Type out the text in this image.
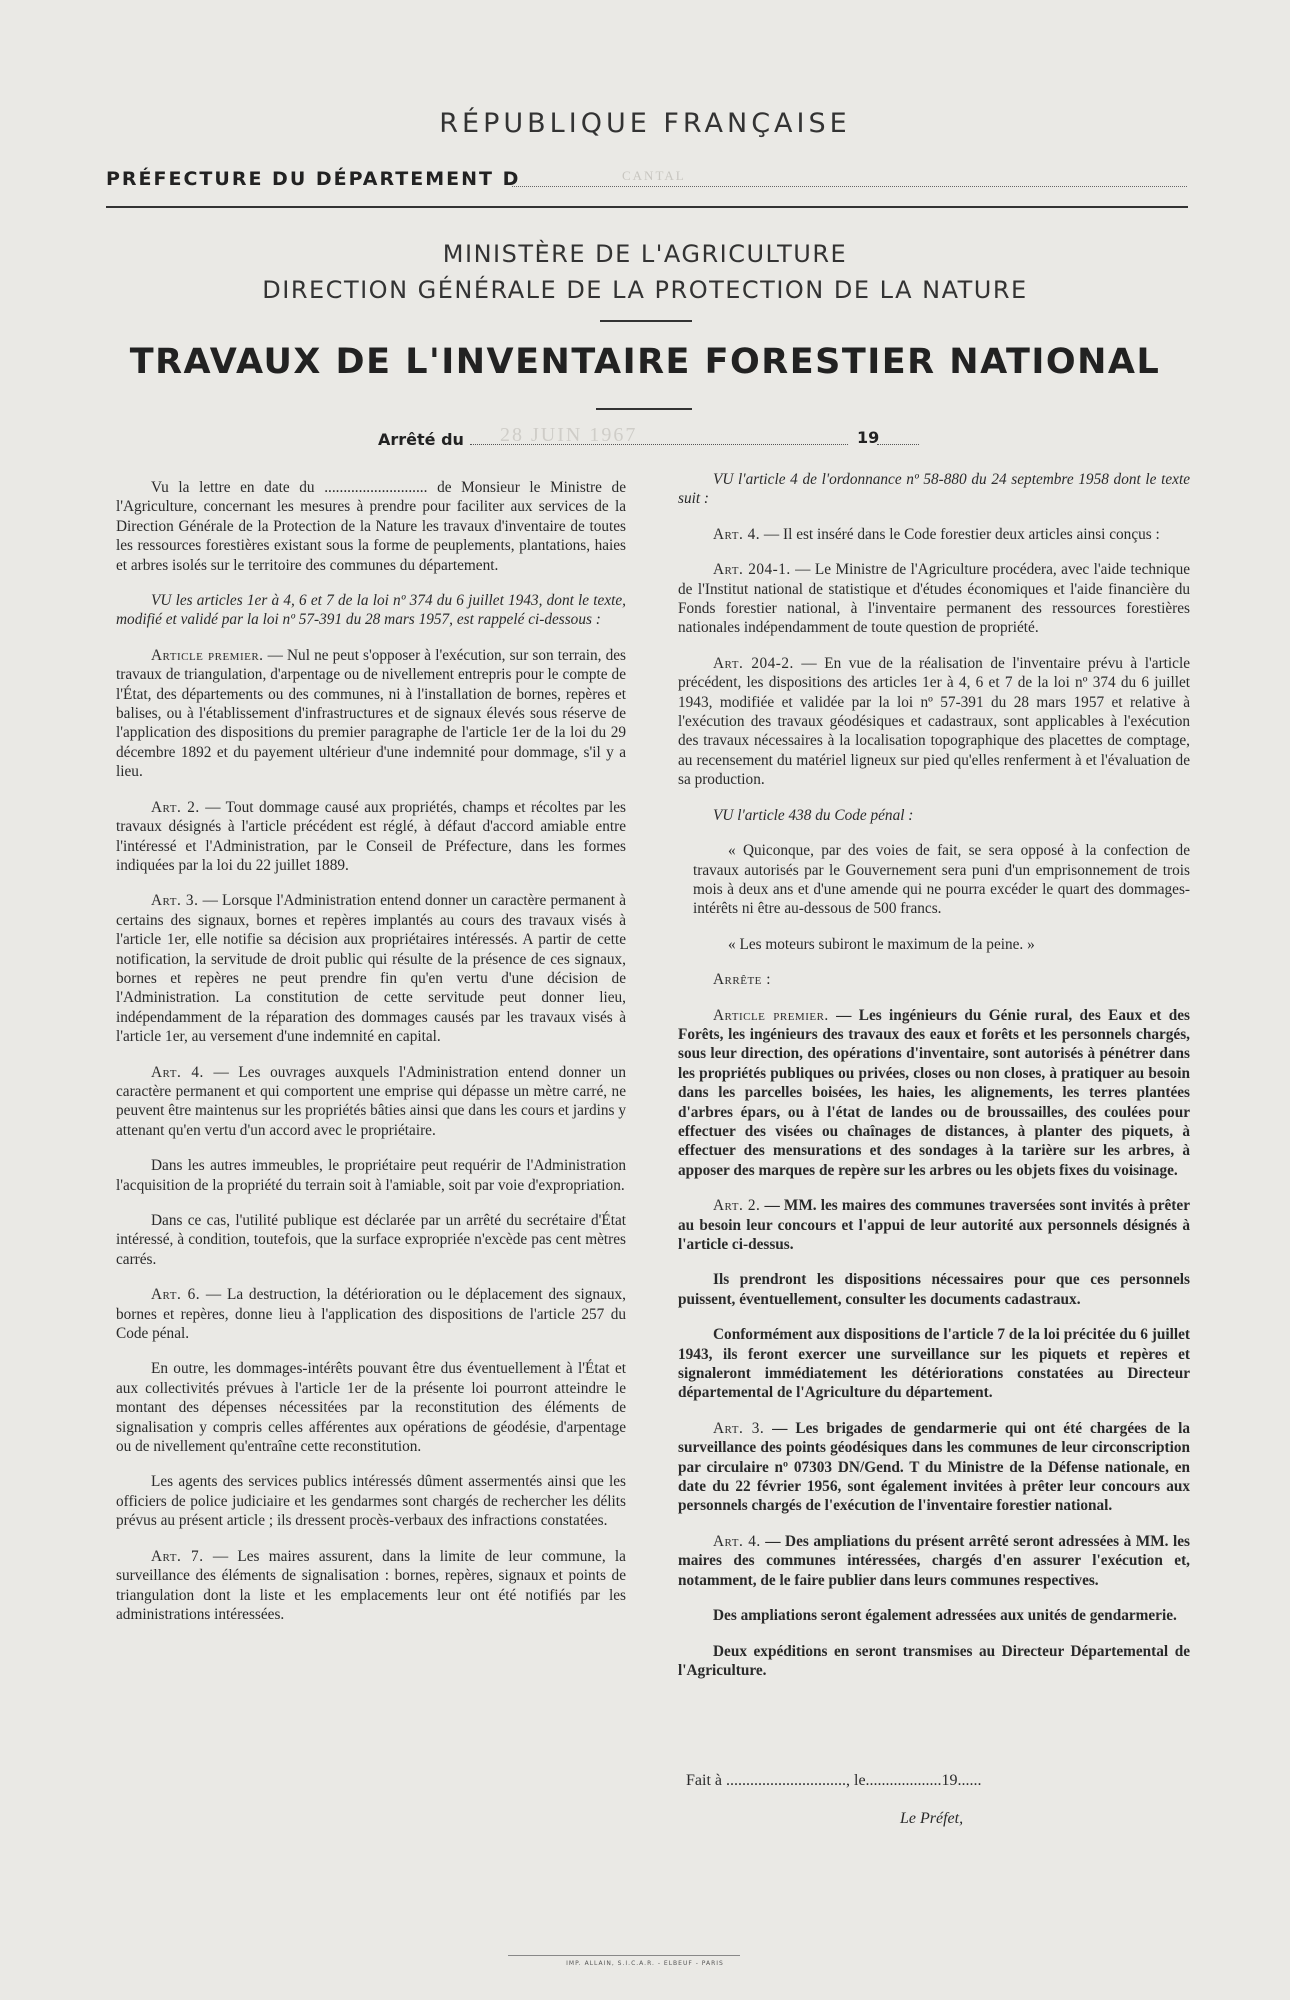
RÉPUBLIQUE FRANÇAISE
PRÉFECTURE DU DÉPARTEMENT D	CANTAL
MINISTÈRE DE L'AGRICULTURE
DIRECTION GÉNÉRALE DE LA PROTECTION DE LA NATURE
TRAVAUX DE L'INVENTAIRE FORESTIER NATIONAL
Arrêté du 28 JUIN 1967	19

Vu la lettre en date du ........................... de Monsieur le Ministre de l'Agriculture, concernant les mesures à prendre pour faciliter aux services de la Direction Générale de la Protection de la Nature les travaux d'inventaire de toutes les ressources forestières existant sous la forme de peuplements, plantations, haies et arbres isolés sur le territoire des communes du département.

VU les articles 1er à 4, 6 et 7 de la loi nº 374 du 6 juillet 1943, dont le texte, modifié et validé par la loi nº 57-391 du 28 mars 1957, est rappelé ci-dessous :

Article premier. — Nul ne peut s'opposer à l'exécution, sur son terrain, des travaux de triangulation, d'arpentage ou de nivellement entrepris pour le compte de l'État, des départements ou des communes, ni à l'installation de bornes, repères et balises, ou à l'établissement d'infrastructures et de signaux élevés sous réserve de l'application des dispositions du premier paragraphe de l'article 1er de la loi du 29 décembre 1892 et du payement ultérieur d'une indemnité pour dommage, s'il y a lieu.

Art. 2. — Tout dommage causé aux propriétés, champs et récoltes par les travaux désignés à l'article précédent est réglé, à défaut d'accord amiable entre l'intéressé et l'Administration, par le Conseil de Préfecture, dans les formes indiquées par la loi du 22 juillet 1889.

Art. 3. — Lorsque l'Administration entend donner un caractère permanent à certains des signaux, bornes et repères implantés au cours des travaux visés à l'article 1er, elle notifie sa décision aux propriétaires intéressés. A partir de cette notification, la servitude de droit public qui résulte de la présence de ces signaux, bornes et repères ne peut prendre fin qu'en vertu d'une décision de l'Administration. La constitution de cette servitude peut donner lieu, indépendamment de la réparation des dommages causés par les travaux visés à l'article 1er, au versement d'une indemnité en capital.

Art. 4. — Les ouvrages auxquels l'Administration entend donner un caractère permanent et qui comportent une emprise qui dépasse un mètre carré, ne peuvent être maintenus sur les propriétés bâties ainsi que dans les cours et jardins y attenant qu'en vertu d'un accord avec le propriétaire.

Dans les autres immeubles, le propriétaire peut requérir de l'Administration l'acquisition de la propriété du terrain soit à l'amiable, soit par voie d'expropriation.

Dans ce cas, l'utilité publique est déclarée par un arrêté du secrétaire d'État intéressé, à condition, toutefois, que la surface expropriée n'excède pas cent mètres carrés.

Art. 6. — La destruction, la détérioration ou le déplacement des signaux, bornes et repères, donne lieu à l'application des dispositions de l'article 257 du Code pénal.

En outre, les dommages-intérêts pouvant être dus éventuellement à l'État et aux collectivités prévues à l'article 1er de la présente loi pourront atteindre le montant des dépenses nécessitées par la reconstitution des éléments de signalisation y compris celles afférentes aux opérations de géodésie, d'arpentage ou de nivellement qu'entraîne cette reconstitution.

Les agents des services publics intéressés dûment assermentés ainsi que les officiers de police judiciaire et les gendarmes sont chargés de rechercher les délits prévus au présent article ; ils dressent procès-verbaux des infractions constatées.

Art. 7. — Les maires assurent, dans la limite de leur commune, la surveillance des éléments de signalisation : bornes, repères, signaux et points de triangulation dont la liste et les emplacements leur ont été notifiés par les administrations intéressées.

VU l'article 4 de l'ordonnance nº 58-880 du 24 septembre 1958 dont le texte suit :

Art. 4. — Il est inséré dans le Code forestier deux articles ainsi conçus :

Art. 204-1. — Le Ministre de l'Agriculture procédera, avec l'aide technique de l'Institut national de statistique et d'études économiques et l'aide financière du Fonds forestier national, à l'inventaire permanent des ressources forestières nationales indépendamment de toute question de propriété.

Art. 204-2. — En vue de la réalisation de l'inventaire prévu à l'article précédent, les dispositions des articles 1er à 4, 6 et 7 de la loi nº 374 du 6 juillet 1943, modifiée et validée par la loi nº 57-391 du 28 mars 1957 et relative à l'exécution des travaux géodésiques et cadastraux, sont applicables à l'exécution des travaux nécessaires à la localisation topographique des placettes de comptage, au recensement du matériel ligneux sur pied qu'elles renferment à et l'évaluation de sa production.

VU l'article 438 du Code pénal :

« Quiconque, par des voies de fait, se sera opposé à la confection de travaux autorisés par le Gouvernement sera puni d'un emprisonnement de trois mois à deux ans et d'une amende qui ne pourra excéder le quart des dommages-intérêts ni être au-dessous de 500 francs.

« Les moteurs subiront le maximum de la peine. »

Arrête :

Article premier. — Les ingénieurs du Génie rural, des Eaux et des Forêts, les ingénieurs des travaux des eaux et forêts et les personnels chargés, sous leur direction, des opérations d'inventaire, sont autorisés à pénétrer dans les propriétés publiques ou privées, closes ou non closes, à pratiquer au besoin dans les parcelles boisées, les haies, les alignements, les terres plantées d'arbres épars, ou à l'état de landes ou de broussailles, des coulées pour effectuer des visées ou chaînages de distances, à planter des piquets, à effectuer des mensurations et des sondages à la tarière sur les arbres, à apposer des marques de repère sur les arbres ou les objets fixes du voisinage.

Art. 2. — MM. les maires des communes traversées sont invités à prêter au besoin leur concours et l'appui de leur autorité aux personnels désignés à l'article ci-dessus.

Ils prendront les dispositions nécessaires pour que ces personnels puissent, éventuellement, consulter les documents cadastraux.

Conformément aux dispositions de l'article 7 de la loi précitée du 6 juillet 1943, ils feront exercer une surveillance sur les piquets et repères et signaleront immédiatement les détériorations constatées au Directeur départemental de l'Agriculture du département.

Art. 3. — Les brigades de gendarmerie qui ont été chargées de la surveillance des points géodésiques dans les communes de leur circonscription par circulaire nº 07303 DN/Gend. T du Ministre de la Défense nationale, en date du 22 février 1956, sont également invitées à prêter leur concours aux personnels chargés de l'exécution de l'inventaire forestier national.

Art. 4. — Des ampliations du présent arrêté seront adressées à MM. les maires des communes intéressées, chargés d'en assurer l'exécution et, notamment, de le faire publier dans leurs communes respectives.

Des ampliations seront également adressées aux unités de gendarmerie.

Deux expéditions en seront transmises au Directeur Départemental de l'Agriculture.

Fait à .............................., le...................19......
Le Préfet,
IMP. ALLAIN, S.I.C.A.R. - ELBEUF - PARIS
